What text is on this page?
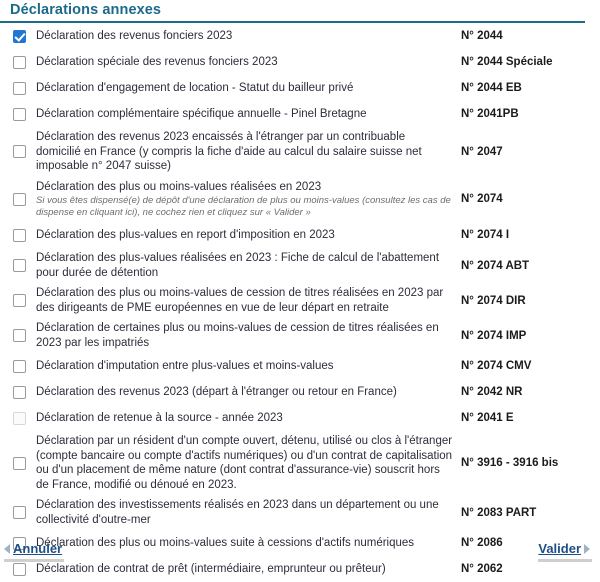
Déclarations annexes
Déclaration des revenus fonciers 2023	N° 2044
Déclaration spéciale des revenus fonciers 2023	N° 2044 Spéciale
Déclaration d'engagement de location - Statut du bailleur privé	N° 2044 EB
Déclaration complémentaire spécifique annuelle - Pinel Bretagne	N° 2041PB
Déclaration des revenus 2023 encaissés à l'étranger par un contribuable domicilié en France (y compris la fiche d'aide au calcul du salaire suisse net imposable n° 2047 suisse)
N° 2047
Déclaration des plus ou moins-values réalisées en 2023
Si vous êtes dispensé(e) de dépôt d'une déclaration de plus ou moins-values (consultez les cas de dispense en cliquant ici), ne cochez rien et cliquez sur « Valider »
N° 2074
Déclaration des plus-values en report d'imposition en 2023	N° 2074 I
Déclaration des plus-values réalisées en 2023 : Fiche de calcul de l'abattement pour durée de détention
N° 2074 ABT
Déclaration des plus ou moins-values de cession de titres réalisées en 2023 par des dirigeants de PME européennes en vue de leur départ en retraite
N° 2074 DIR
Déclaration de certaines plus ou moins-values de cession de titres réalisées en 2023 par les impatriés
N° 2074 IMP
Déclaration d'imputation entre plus-values et moins-values	N° 2074 CMV
Déclaration des revenus 2023 (départ à l'étranger ou retour en France)	N° 2042 NR
Déclaration de retenue à la source - année 2023	N° 2041 E
Déclaration par un résident d'un compte ouvert, détenu, utilisé ou clos à l'étranger (compte bancaire ou compte d'actifs numériques) ou d'un contrat de capitalisation ou d'un placement de même nature (dont contrat d'assurance-vie) souscrit hors de France, modifié ou dénoué en 2023.
N° 3916 - 3916 bis
Déclaration des investissements réalisés en 2023 dans un département ou une collectivité d'outre-mer
N° 2083 PART
Déclaration des plus ou moins-values suite à cessions d'actifs numériques	N° 2086
Déclaration de contrat de prêt (intermédiaire, emprunteur ou prêteur)	N° 2062
Annuler	Valider
